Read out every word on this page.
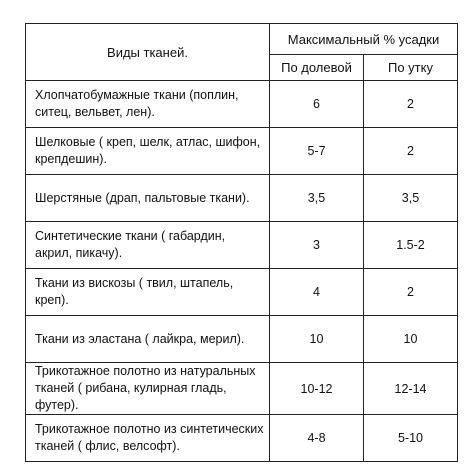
Виды тканей.	Максимальный % усадки	
	По долевой	По утку
Хлопчатобумажные ткани (поплин, ситец, вельвет, лен).	6	2
Шелковые ( креп, шелк, атлас, шифон, крепдешин).	5-7	2
Шерстяные (драп, пальтовые ткани).	3,5	3,5
Синтетические ткани ( габардин, акрил, пикачу).	3	1.5-2
Ткани из вискозы ( твил, штапель, креп).	4	2
Ткани из эластана ( лайкра, мерил).	10	10
Трикотажное полотно из натуральных тканей ( рибана, кулирная гладь, футер).	10-12	12-14
Трикотажное полотно из синтетических тканей ( флис, велсофт).	4-8	5-10
